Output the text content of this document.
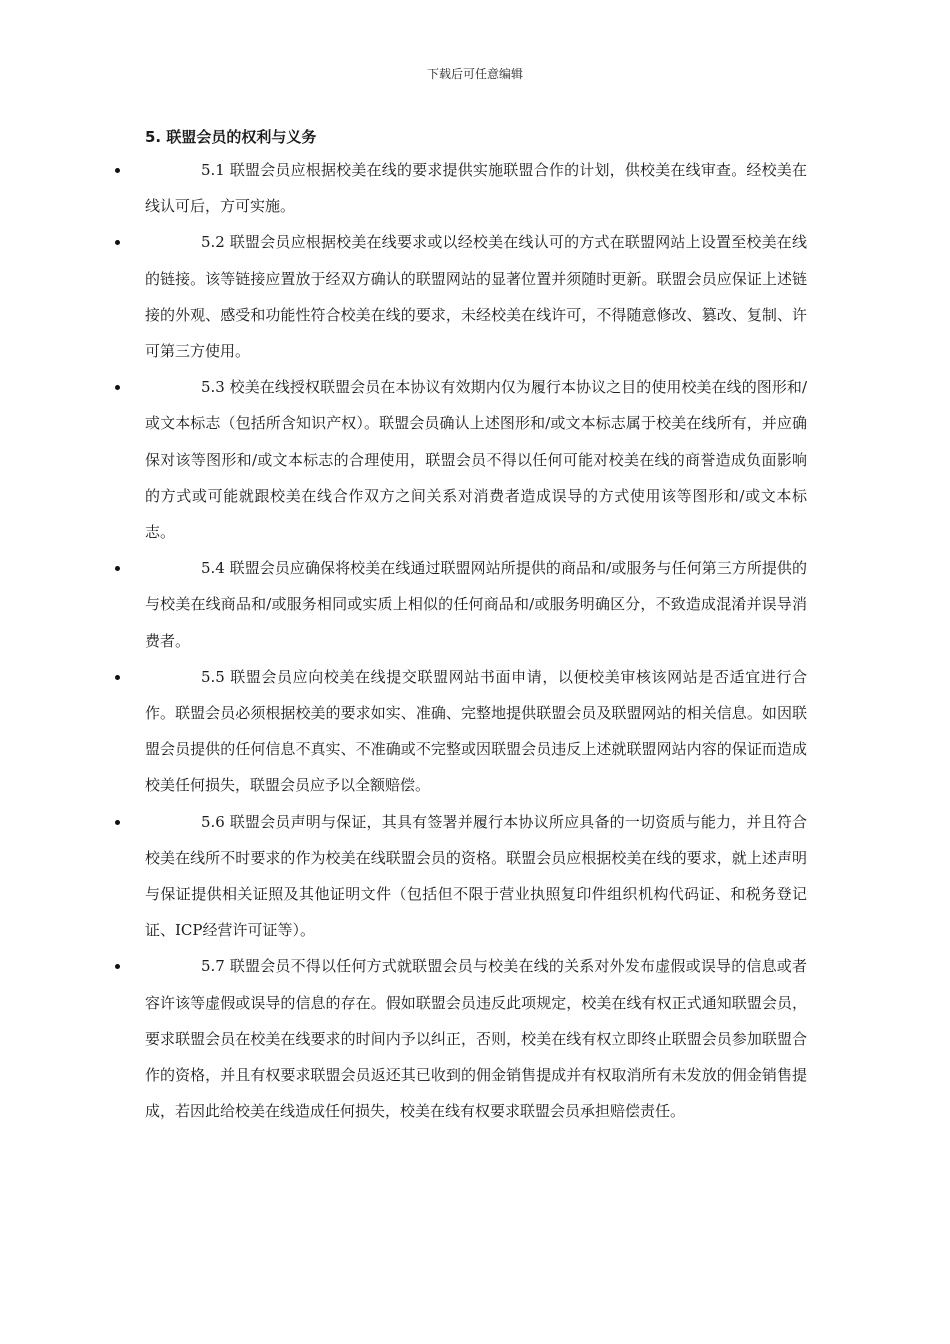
下载后可任意编辑
5. 联盟会员的权利与义务
5.1 联盟会员应根据校美在线的要求提供实施联盟合作的计划，供校美在线审查。经校美在线认可后，方可实施。
5.2 联盟会员应根据校美在线要求或以经校美在线认可的方式在联盟网站上设置至校美在线的链接。该等链接应置放于经双方确认的联盟网站的显著位置并须随时更新。联盟会员应保证上述链接的外观、感受和功能性符合校美在线的要求，未经校美在线许可，不得随意修改、篡改、复制、许可第三方使用。
5.3 校美在线授权联盟会员在本协议有效期内仅为履行本协议之目的使用校美在线的图形和/或文本标志（包括所含知识产权）。联盟会员确认上述图形和/或文本标志属于校美在线所有，并应确保对该等图形和/或文本标志的合理使用，联盟会员不得以任何可能对校美在线的商誉造成负面影响的方式或可能就跟校美在线合作双方之间关系对消费者造成误导的方式使用该等图形和/或文本标志。
5.4 联盟会员应确保将校美在线通过联盟网站所提供的商品和/或服务与任何第三方所提供的与校美在线商品和/或服务相同或实质上相似的任何商品和/或服务明确区分，不致造成混淆并误导消费者。
5.5 联盟会员应向校美在线提交联盟网站书面申请，以便校美审核该网站是否适宜进行合作。联盟会员必须根据校美的要求如实、准确、完整地提供联盟会员及联盟网站的相关信息。如因联盟会员提供的任何信息不真实、不准确或不完整或因联盟会员违反上述就联盟网站内容的保证而造成校美任何损失，联盟会员应予以全额赔偿。
5.6 联盟会员声明与保证，其具有签署并履行本协议所应具备的一切资质与能力，并且符合校美在线所不时要求的作为校美在线联盟会员的资格。联盟会员应根据校美在线的要求，就上述声明与保证提供相关证照及其他证明文件（包括但不限于营业执照复印件组织机构代码证、和税务登记证、ICP经营许可证等）。
5.7 联盟会员不得以任何方式就联盟会员与校美在线的关系对外发布虚假或误导的信息或者容许该等虚假或误导的信息的存在。假如联盟会员违反此项规定，校美在线有权正式通知联盟会员，要求联盟会员在校美在线要求的时间内予以纠正，否则，校美在线有权立即终止联盟会员参加联盟合作的资格，并且有权要求联盟会员返还其已收到的佣金销售提成并有权取消所有未发放的佣金销售提成，若因此给校美在线造成任何损失，校美在线有权要求联盟会员承担赔偿责任。
